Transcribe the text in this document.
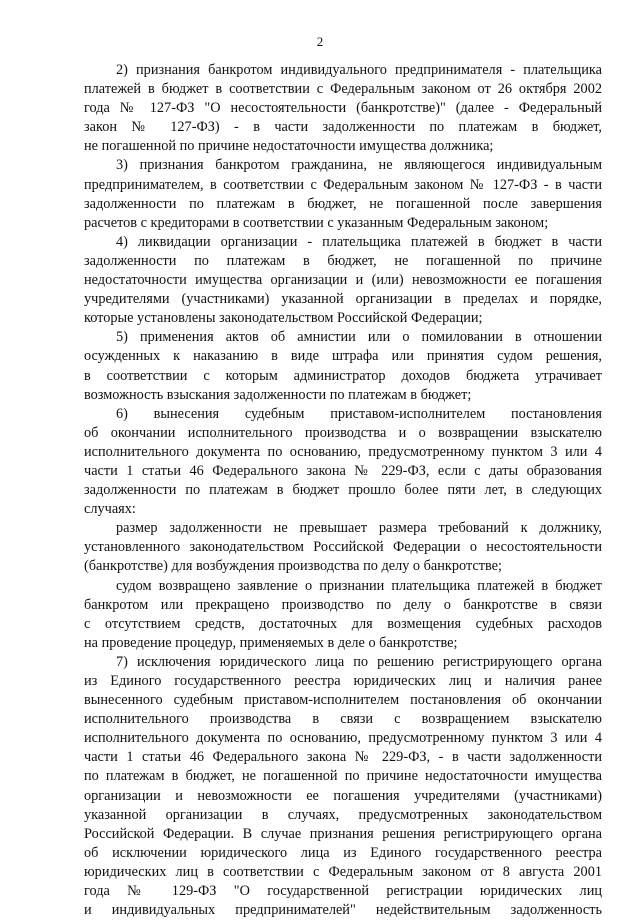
2
2) признания банкротом индивидуального предпринимателя - плательщика
платежей в бюджет в соответствии с Федеральным законом от 26 октября 2002
года № 127-ФЗ "О несостоятельности (банкротстве)" (далее - Федеральный
закон № 127-ФЗ) - в части задолженности по платежам в бюджет,
не погашенной по причине недостаточности имущества должника;
3) признания банкротом гражданина, не являющегося индивидуальным
предпринимателем, в соответствии с Федеральным законом № 127-ФЗ - в части
задолженности по платежам в бюджет, не погашенной после завершения
расчетов с кредиторами в соответствии с указанным Федеральным законом;
4) ликвидации организации - плательщика платежей в бюджет в части
задолженности по платежам в бюджет, не погашенной по причине
недостаточности имущества организации и (или) невозможности ее погашения
учредителями (участниками) указанной организации в пределах и порядке,
которые установлены законодательством Российской Федерации;
5) применения актов об амнистии или о помиловании в отношении
осужденных к наказанию в виде штрафа или принятия судом решения,
в соответствии с которым администратор доходов бюджета утрачивает
возможность взыскания задолженности по платежам в бюджет;
6) вынесения судебным приставом-исполнителем постановления
об окончании исполнительного производства и о возвращении взыскателю
исполнительного документа по основанию, предусмотренному пунктом 3 или 4
части 1 статьи 46 Федерального закона № 229-ФЗ, если с даты образования
задолженности по платежам в бюджет прошло более пяти лет, в следующих
случаях:
размер задолженности не превышает размера требований к должнику,
установленного законодательством Российской Федерации о несостоятельности
(банкротстве) для возбуждения производства по делу о банкротстве;
судом возвращено заявление о признании плательщика платежей в бюджет
банкротом или прекращено производство по делу о банкротстве в связи
с отсутствием средств, достаточных для возмещения судебных расходов
на проведение процедур, применяемых в деле о банкротстве;
7) исключения юридического лица по решению регистрирующего органа
из Единого государственного реестра юридических лиц и наличия ранее
вынесенного судебным приставом-исполнителем постановления об окончании
исполнительного производства в связи с возвращением взыскателю
исполнительного документа по основанию, предусмотренному пунктом 3 или 4
части 1 статьи 46 Федерального закона № 229-ФЗ, - в части задолженности
по платежам в бюджет, не погашенной по причине недостаточности имущества
организации и невозможности ее погашения учредителями (участниками)
указанной организации в случаях, предусмотренных законодательством
Российской Федерации. В случае признания решения регистрирующего органа
об исключении юридического лица из Единого государственного реестра
юридических лиц в соответствии с Федеральным законом от 8 августа 2001
года № 129-ФЗ "О государственной регистрации юридических лиц
и индивидуальных предпринимателей" недействительным задолженность
